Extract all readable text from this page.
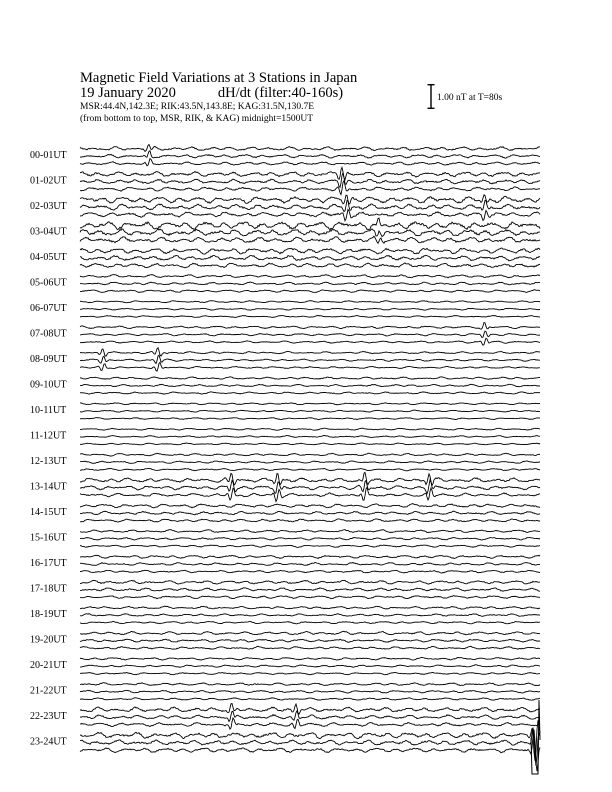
Magnetic Field Variations at 3 Stations in Japan
19 January 2020	dH/dt (filter:40-160s)
MSR:44.4N,142.3E; RIK:43.5N,143.8E; KAG:31.5N,130.7E
(from bottom to top, MSR, RIK, & KAG) midnight=1500UT
1.00 nT at T=80s
00-01UT
01-02UT
02-03UT
03-04UT
04-05UT
05-06UT
06-07UT
07-08UT
08-09UT
09-10UT
10-11UT
11-12UT
12-13UT
13-14UT
14-15UT
15-16UT
16-17UT
17-18UT
18-19UT
19-20UT
20-21UT
21-22UT
22-23UT
23-24UT
